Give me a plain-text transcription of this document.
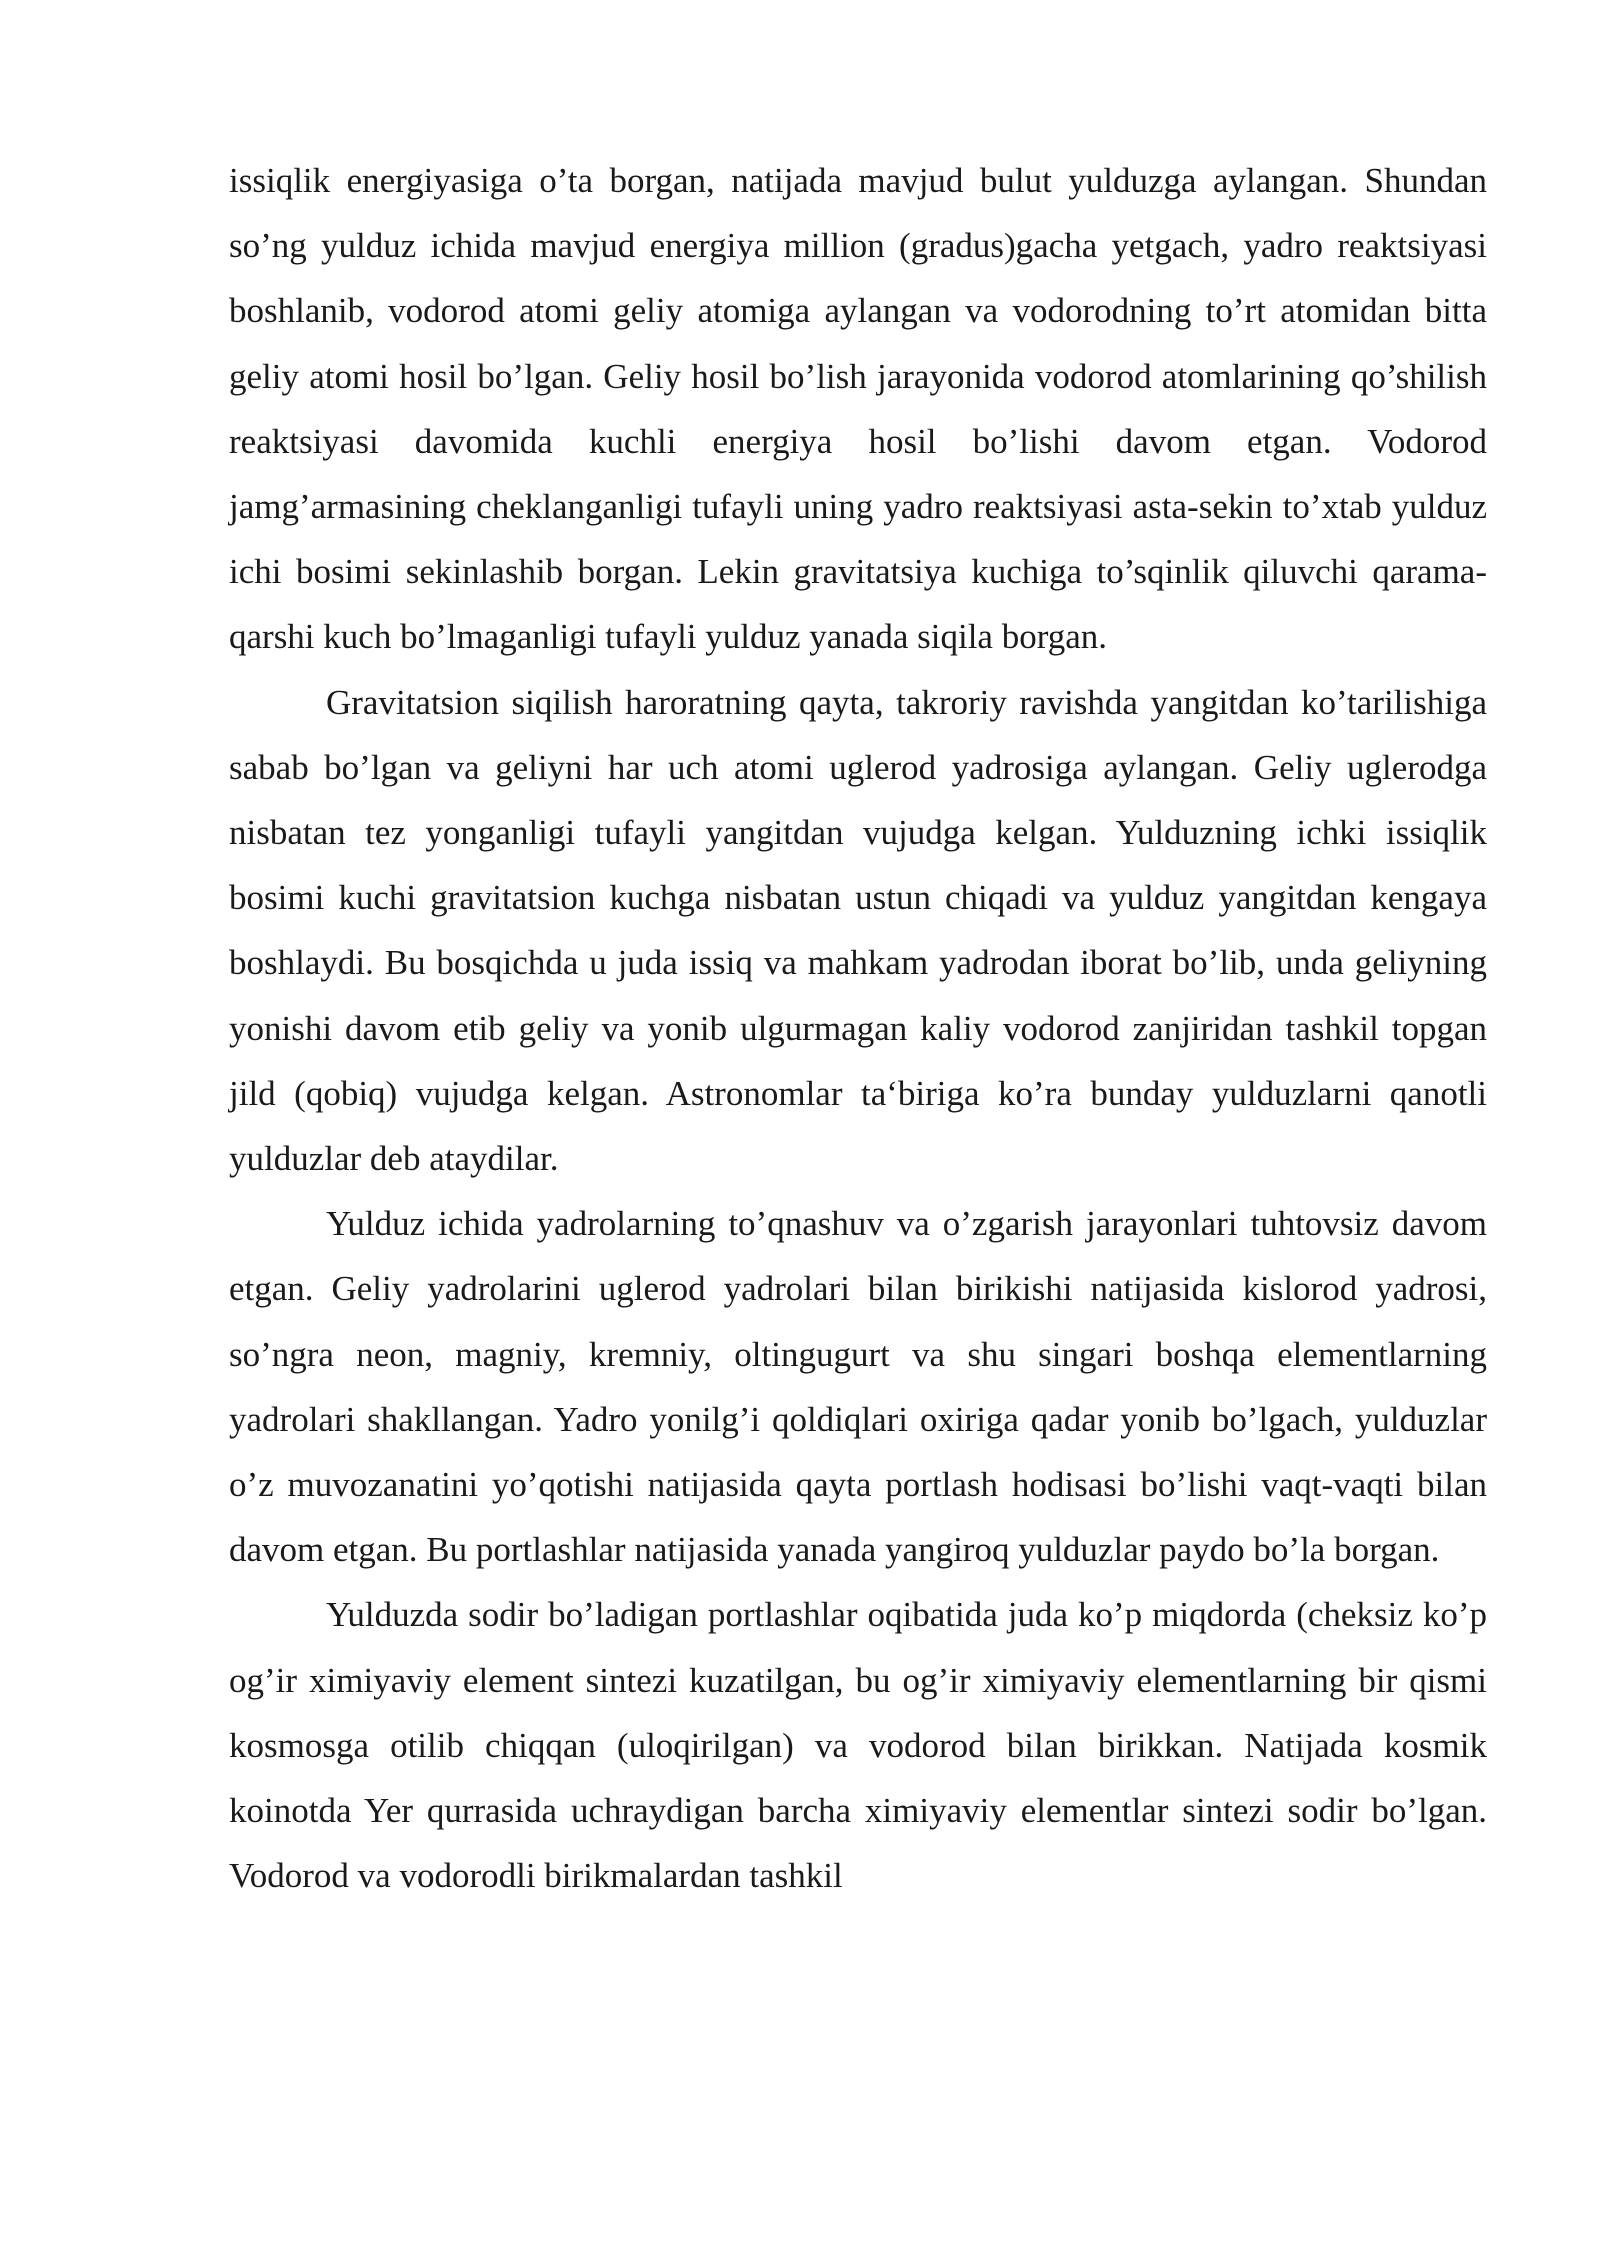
issiqlik energiyasiga o’ta borgan, natijada mavjud bulut yulduzga aylangan. Shundan so’ng yulduz ichida mavjud energiya million (gradus)gacha yetgach, yadro reaktsiyasi boshlanib, vodorod atomi geliy atomiga aylangan va vodorodning to’rt atomidan bitta geliy atomi hosil bo’lgan. Geliy hosil bo’lish jarayonida vodorod atomlarining qo’shilish reaktsiyasi davomida kuchli energiya hosil bo’lishi davom etgan. Vodorod jamg’armasining cheklanganligi tufayli uning yadro reaktsiyasi asta-sekin to’xtab yulduz ichi bosimi sekinlashib borgan. Lekin gravitatsiya kuchiga to’sqinlik qiluvchi qarama-qarshi kuch bo’lmaganligi tufayli yulduz yanada siqila borgan.

Gravitatsion siqilish haroratning qayta, takroriy ravishda yangitdan ko’tarilishiga sabab bo’lgan va geliyni har uch atomi uglerod yadrosiga aylangan. Geliy uglerodga nisbatan tez yonganligi tufayli yangitdan vujudga kelgan. Yulduzning ichki issiqlik bosimi kuchi gravitatsion kuchga nisbatan ustun chiqadi va yulduz yangitdan kengaya boshlaydi. Bu bosqichda u juda issiq va mahkam yadrodan iborat bo’lib, unda geliyning yonishi davom etib geliy va yonib ulgurmagan kaliy vodorod zanjiridan tashkil topgan jild (qobiq) vujudga kelgan. Astronomlar ta‘biriga ko’ra bunday yulduzlarni qanotli yulduzlar deb ataydilar.

Yulduz ichida yadrolarning to’qnashuv va o’zgarish jarayonlari tuhtovsiz davom etgan. Geliy yadrolarini uglerod yadrolari bilan birikishi natijasida kislorod yadrosi, so’ngra neon, magniy, kremniy, oltingugurt va shu singari boshqa elementlarning yadrolari shakllangan. Yadro yonilg’i qoldiqlari oxiriga qadar yonib bo’lgach, yulduzlar o’z muvozanatini yo’qotishi natijasida qayta portlash hodisasi bo’lishi vaqt-vaqti bilan davom etgan. Bu portlashlar natijasida yanada yangiroq yulduzlar paydo bo’la borgan.

Yulduzda sodir bo’ladigan portlashlar oqibatida juda ko’p miqdorda (cheksiz ko’p og’ir ximiyaviy element sintezi kuzatilgan, bu og’ir ximiyaviy elementlarning bir qismi kosmosga otilib chiqqan (uloqirilgan) va vodorod bilan birikkan. Natijada kosmik koinotda Yer qurrasida uchraydigan barcha ximiyaviy elementlar sintezi sodir bo’lgan. Vodorod va vodorodli birikmalardan tashkil
